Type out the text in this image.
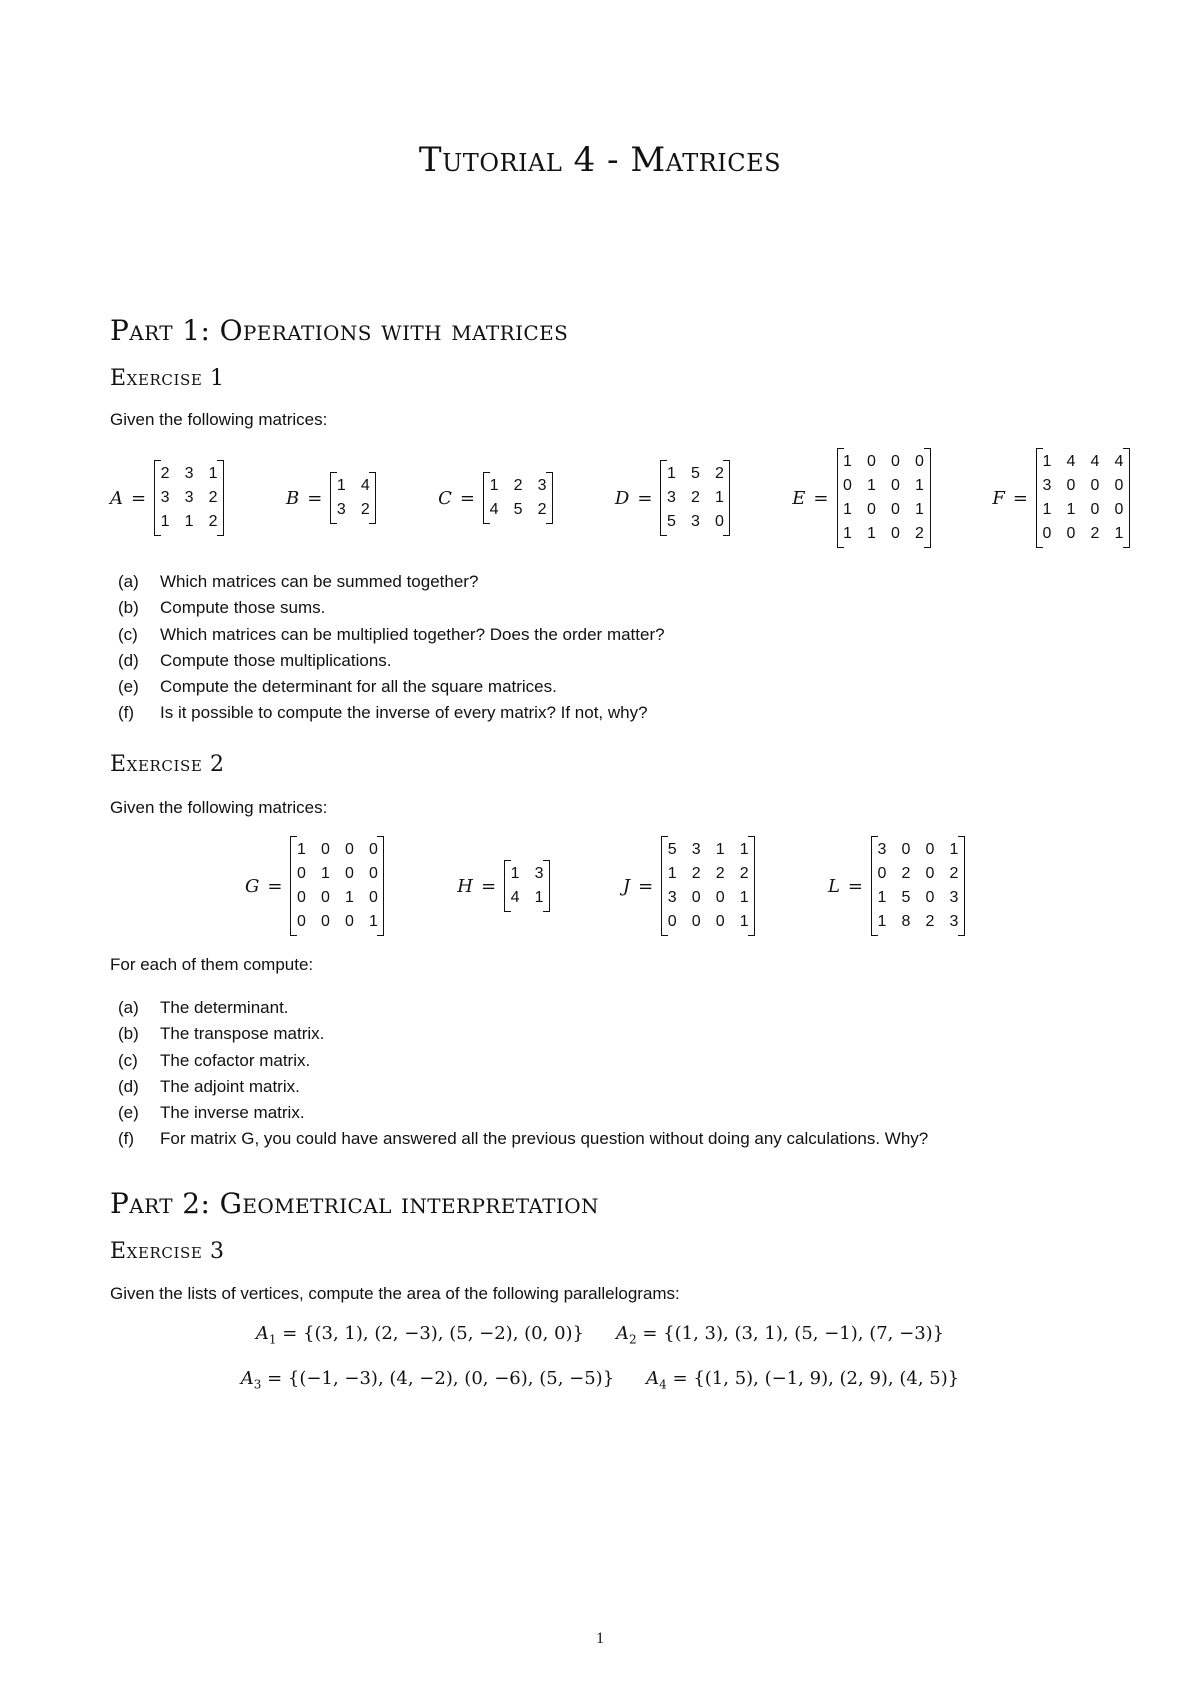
Tutorial 4 - Matrices
Part 1: Operations with matrices
Exercise 1
Given the following matrices:
A =
2 3 1
3 3 2
1 1 2
B =
1 4
3 2
C =
1 2 3
4 5 2
D =
1 5 2
3 2 1
5 3 0
E =
1 0 0 0
0 1 0 1
1 0 0 1
1 1 0 2
F =
1 4 4 4
3 0 0 0
1 1 0 0
0 0 2 1
(a) Which matrices can be summed together?
(b) Compute those sums.
(c) Which matrices can be multiplied together? Does the order matter?
(d) Compute those multiplications.
(e) Compute the determinant for all the square matrices.
(f) Is it possible to compute the inverse of every matrix? If not, why?
Exercise 2
Given the following matrices:
G =
1 0 0 0
0 1 0 0
0 0 1 0
0 0 0 1
H =
1 3
4 1
J =
5 3 1 1
1 2 2 2
3 0 0 1
0 0 0 1
L =
3 0 0 1
0 2 0 2
1 5 0 3
1 8 2 3
For each of them compute:
(a) The determinant.
(b) The transpose matrix.
(c) The cofactor matrix.
(d) The adjoint matrix.
(e) The inverse matrix.
(f) For matrix G, you could have answered all the previous question without doing any calculations. Why?
Part 2: Geometrical interpretation
Exercise 3
Given the lists of vertices, compute the area of the following parallelograms:
$A_1 = \{(3$, 1), (2, −3), (5, −2), (0, 0)} $A_2 = \{(1$, 3), (3, 1), (5, −1), (7, −3)}
$A_3 = \{(-1$, −3), (4, −2), (0, −6), (5, −5)} $A_4 = \{(1$, 5), (−1, 9), (2, 9), (4, 5)}
1
